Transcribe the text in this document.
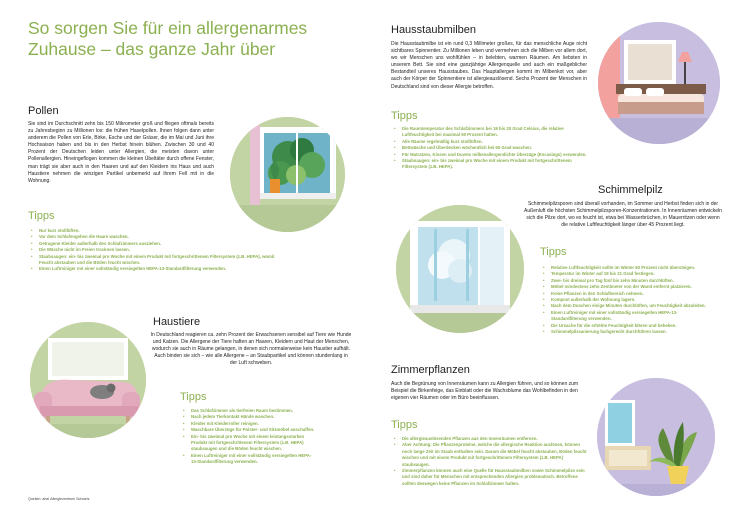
So sorgen Sie für ein allergenarmes Zuhause – das ganze Jahr über
Pollen
Sie sind im Durchschnitt zehn bis 150 Mikrometer groß und fliegen oftmals bereits zu Jahresbeginn zu Millionen los: die frühen Haselpollen. Ihnen folgen dann unter anderem die Pollen von Erle, Birke, Esche und der Gräser, die im Mai und Juni ihre Hochsaison haben und bis in den Herbst hinein blühen. Zwischen 30 und 40 Prozent der Deutschen leiden unter Allergien, die meisten davon unter Pollenallergien. Hineingeflogen kommen die kleinen Übeltäter durch offene Fenster, man trägt sie aber auch in den Haaren und auf den Kleidern ins Haus und auch Haustiere nehmen die winzigen Partikel unbemerkt auf ihrem Fell mit in die Wohnung.
Tipps
• Nur kurz stoßlüften.
• Vor dem Schlafengehen die Haare waschen.
• Getragene Kleider außerhalb des Schlafzimmers ausziehen.
• Die Wäsche nicht im Freien trocknen lassen.
• Staubsaugen: ein- bis zweimal pro Woche mit einem Produkt mit fortgeschrittenem Filtersystem (z.B. HEPA), womit Feucht abstauben und die Böden feucht wischen.
• Einen Luftreiniger mit einer vollständig versiegelten HEPA-13-Standardfilterung verwenden.
Haustiere
In Deutschland reagieren ca. zehn Prozent der Erwachsenen sensibel auf Tiere wie Hunde und Katzen. Die Allergene der Tiere haften an Haaren, Kleidern und Haut der Menschen, wodurch sie auch in Räume gelangen, in denen sich normalerweise kein Haustier aufhält. Auch binden sie sich – wie alle Allergene – an Staubpartikel und können stundenlang in der Luft schweben.
Tipps
• Das Schlafzimmer als tierfreien Raum bestimmen.
• Nach jedem Tierkontakt Hände waschen.
• Kleider mit Kleiderroller reinigen.
• Waschbare Überzüge für Polster- und Sitzmöbel anschaffen.
• Ein- bis zweimal pro Woche mit einem leistungsstarken Produkt mit fortgeschrittenem Filtersystem (z.B. HEPA) staubsaugen und die Böden feucht wischen.
• Einen Luftreiniger mit einer vollständig versiegelten HEPA-13-Standardfilterung verwenden.
Quellen: aha! Allergiezentrum Schweiz
Hausstaubmilben
Die Hausstaubmilbe ist ein rund 0,3 Millimeter großes, für das menschliche Auge nicht sichtbares Spinnentier. Zu Millionen leben und vermehren sich die Milben vor allem dort, wo wir Menschen uns wohlfühlen – in belebten, warmen Räumen. Am liebsten in unserem Bett. Sie sind eine ganzjährige Allergenquelle und auch ein maßgeblicher Bestandteil unseres Hausstaubes. Das Hauptallergen kommt im Milbenkot vor, aber auch der Körper der Spinnentiere ist allergieauslösend. Sechs Prozent der Menschen in Deutschland sind von dieser Allergie betroffen.
Tipps
• Die Raumtemperatur des Schlafzimmers bei 18 bis 20 Grad Celsius, die relative Luftfeuchtigkeit bei maximal 50 Prozent halten.
• Alle Räume regelmäßig kurz stoßlüften.
• Bettwäsche und Überdecken wöchentlich bei 60 Grad waschen.
• Für Matratzen, Kissen und Duvets milbenallergendichte Überzüge (Encasings) verwenden.
• Staubsaugen: ein- bis zweimal pro Woche mit einem Produkt mit fortgeschrittenem Filtersystem (z.B. HEPA).
Schimmelpilz
Schimmelpilzsporen sind überall vorhanden, im Sommer und Herbst finden sich in der Außenluft die höchsten Schimmelpilzsporen-Konzentrationen. In Innenräumen entwickeln sich die Pilze dort, wo es feucht ist, etwa bei Wasserbrüchen, in Mauerritzen oder wenn die relative Luftfeuchtigkeit länger über 45 Prozent liegt.
Tipps
• Relative Luftfeuchtigkeit sollte im Winter 50 Prozent nicht übersteigen.
• Temperatur im Winter auf 19 bis 21 Grad festlegen.
• Zwei- bis dreimal pro Tag fünf bis zehn Minuten durchlüften.
• Möbel mindestens zehn Zentimeter von der Wand entfernt platzieren.
• Keine Pflanzen in den Schlafbereich nehmen.
• Kompost außerhalb der Wohnung lagern.
• Nach dem Duschen einige Minuten durchlüften, um Feuchtigkeit abzuleiten.
• Einen Luftreiniger mit einer vollständig versiegelten HEPA-13-Standardfilterung verwenden.
• Die Ursache für die erhöhte Feuchtigkeit klären und beheben.
• Schimmelpilzsanierung fachgerecht durchführen lassen.
Zimmerpflanzen
Auch die Begrünung von Innenräumen kann zu Allergien führen, und so können zum Beispiel die Birkenfeige, das Einblatt oder die Wachsblume das Wohlbefinden in den eigenen vier Räumen oder im Büro beeinflussen.
Tipps
• Die allergieauslösenden Pflanzen aus den Innenräumen entfernen.
• Aber Achtung: Die Pflanzenproteine, welche die allergische Reaktion auslösen, können noch lange Zeit im Staub enthalten sein. Darum die Möbel feucht abstauben, Böden feucht wischen und mit einem Produkt mit fortgeschrittenem Filtersystem (z.B. HEPA) staubsaugen.
• Zimmerpflanzen können auch eine Quelle für Hausstaubmilben sowie Schimmelpilze sein und sind daher für Menschen mit entsprechenden Allergien problematisch. Betroffene sollten deswegen keine Pflanzen im Schlafzimmer halten.
